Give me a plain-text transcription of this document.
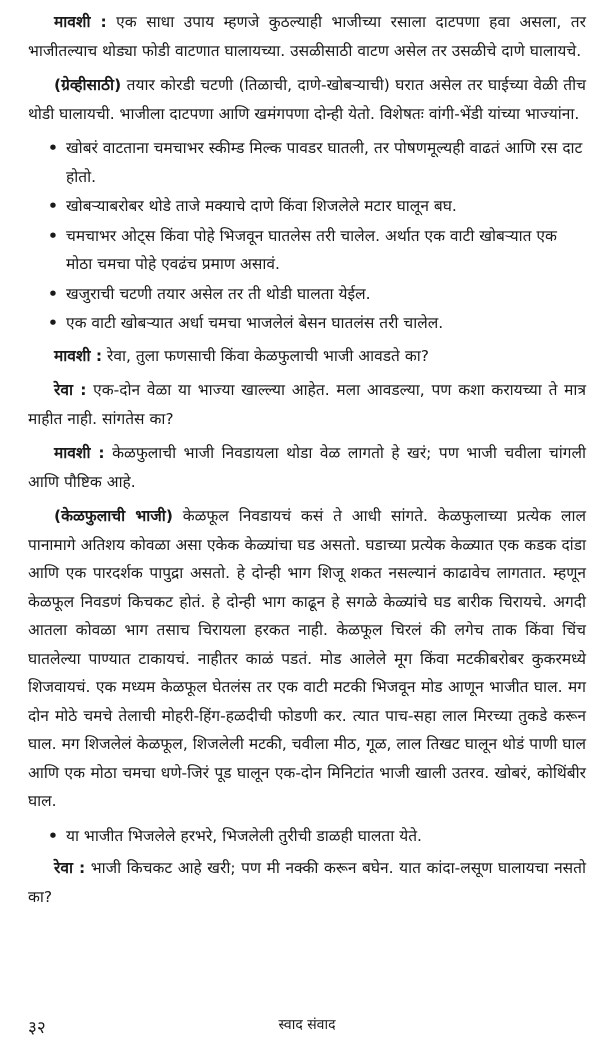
मावशी : एक साधा उपाय म्हणजे कुठल्याही भाजीच्या रसाला दाटपणा हवा असला, तर भाजीतल्याच थोड्या फोडी वाटणात घालायच्या. उसळीसाठी वाटण असेल तर उसळीचे दाणे घालायचे.

(ग्रेव्हीसाठी) तयार कोरडी चटणी (तिळाची, दाणे-खोबऱ्याची) घरात असेल तर घाईच्या वेळी तीच थोडी घालायची. भाजीला दाटपणा आणि खमंगपणा दोन्ही येतो. विशेषतः वांगी-भेंडी यांच्या भाज्यांना.

• खोबरं वाटताना चमचाभर स्कीम्ड मिल्क पावडर घातली, तर पोषणमूल्यही वाढतं आणि रस दाट होतो.
• खोबऱ्याबरोबर थोडे ताजे मक्याचे दाणे किंवा शिजलेले मटार घालून बघ.
• चमचाभर ओट्स किंवा पोहे भिजवून घातलेस तरी चालेल. अर्थात एक वाटी खोबऱ्यात एक मोठा चमचा पोहे एवढंच प्रमाण असावं.
• खजुराची चटणी तयार असेल तर ती थोडी घालता येईल.
• एक वाटी खोबऱ्यात अर्धा चमचा भाजलेलं बेसन घातलंस तरी चालेल.

मावशी : रेवा, तुला फणसाची किंवा केळफुलाची भाजी आवडते का?

रेवा : एक-दोन वेळा या भाज्या खाल्ल्या आहेत. मला आवडल्या, पण कशा करायच्या ते मात्र माहीत नाही. सांगतेस का?

मावशी : केळफुलाची भाजी निवडायला थोडा वेळ लागतो हे खरं; पण भाजी चवीला चांगली आणि पौष्टिक आहे.

(केळफुलाची भाजी) केळफूल निवडायचं कसं ते आधी सांगते. केळफुलाच्या प्रत्येक लाल पानामागे अतिशय कोवळा असा एकेक केळ्यांचा घड असतो. घडाच्या प्रत्येक केळ्यात एक कडक दांडा आणि एक पारदर्शक पापुद्रा असतो. हे दोन्ही भाग शिजू शकत नसल्यानं काढावेच लागतात. म्हणून केळफूल निवडणं किचकट होतं. हे दोन्ही भाग काढून हे सगळे केळ्यांचे घड बारीक चिरायचे. अगदी आतला कोवळा भाग तसाच चिरायला हरकत नाही. केळफूल चिरलं की लगेच ताक किंवा चिंच घातलेल्या पाण्यात टाकायचं. नाहीतर काळं पडतं. मोड आलेले मूग किंवा मटकीबरोबर कुकरमध्ये शिजवायचं. एक मध्यम केळफूल घेतलंस तर एक वाटी मटकी भिजवून मोड आणून भाजीत घाल. मग दोन मोठे चमचे तेलाची मोहरी-हिंग-हळदीची फोडणी कर. त्यात पाच-सहा लाल मिरच्या तुकडे करून घाल. मग शिजलेलं केळफूल, शिजलेली मटकी, चवीला मीठ, गूळ, लाल तिखट घालून थोडं पाणी घाल आणि एक मोठा चमचा धणे-जिरं पूड घालून एक-दोन मिनिटांत भाजी खाली उतरव. खोबरं, कोथिंबीर घाल.

• या भाजीत भिजलेले हरभरे, भिजलेली तुरीची डाळही घालता येते.

रेवा : भाजी किचकट आहे खरी; पण मी नक्की करून बघेन. यात कांदा-लसूण घालायचा नसतो का?

३२	स्वाद संवाद
